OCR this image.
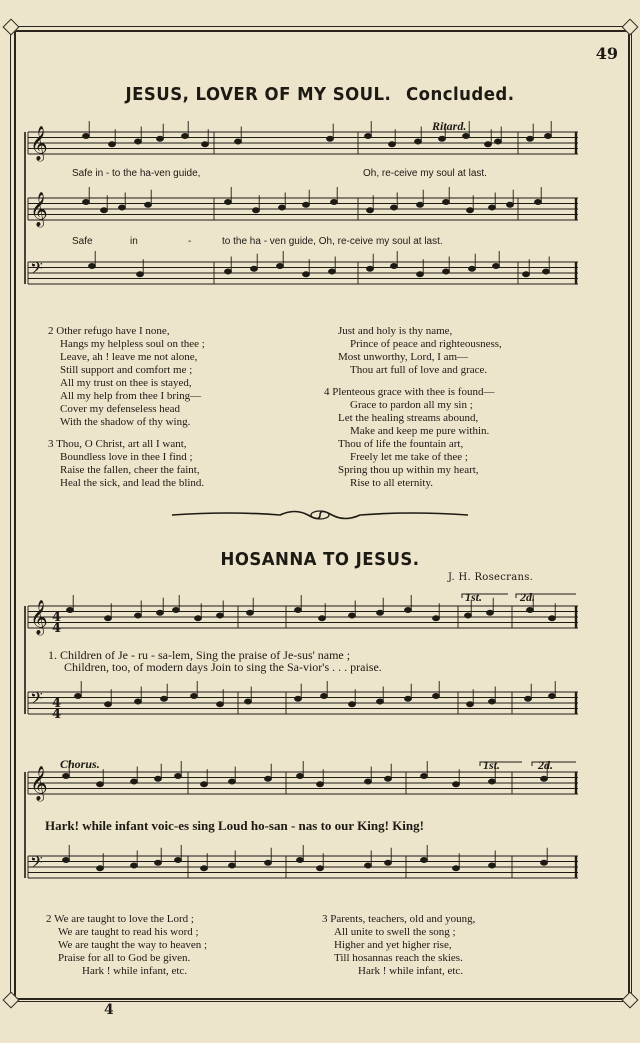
49
4
JESUS, LOVER OF MY SOUL. Concluded.
Ritard.
𝄞
𝄞
𝄢
𝄞
𝄢
𝄞
𝄢
4
4
4
4
Safe in - to the ha-ven guide,	Oh, re-ceive my soul at last.
Safe	in	-	to the ha - ven guide, Oh, re-ceive my soul at last.
2 Other refugo have I none,
Hangs my helpless soul on thee ;
Leave, ah ! leave me not alone,
Still support and comfort me ;
All my trust on thee is stayed,
All my help from thee I bring—
Cover my defenseless head
With the shadow of thy wing.
3 Thou, O Christ, art all I want,
Boundless love in thee I find ;
Raise the fallen, cheer the faint,
Heal the sick, and lead the blind.
Just and holy is thy name,
Prince of peace and righteousness,
Most unworthy, Lord, I am—
Thou art full of love and grace.
4 Plenteous grace with thee is found—
Grace to pardon all my sin ;
Let the healing streams abound,
Make and keep me pure within.
Thou of life the fountain art,
Freely let me take of thee ;
Spring thou up within my heart,
Rise to all eternity.
HOSANNA TO JESUS.
J. H. Rosecrans.
1st.	2d.
1. Children of Je - ru - sa-lem, Sing the praise of Je-sus' name ;
Children, too, of modern days Join to sing the Sa-vior's . . . praise.
Chorus.	1st.	2d.
Hark! while infant voic-es sing Loud ho-san - nas to our King! King!
2 We are taught to love the Lord ;
We are taught to read his word ;
We are taught the way to heaven ;
Praise for all to God be given.
Hark ! while infant, etc.
3 Parents, teachers, old and young,
All unite to swell the song ;
Higher and yet higher rise,
Till hosannas reach the skies.
Hark ! while infant, etc.
